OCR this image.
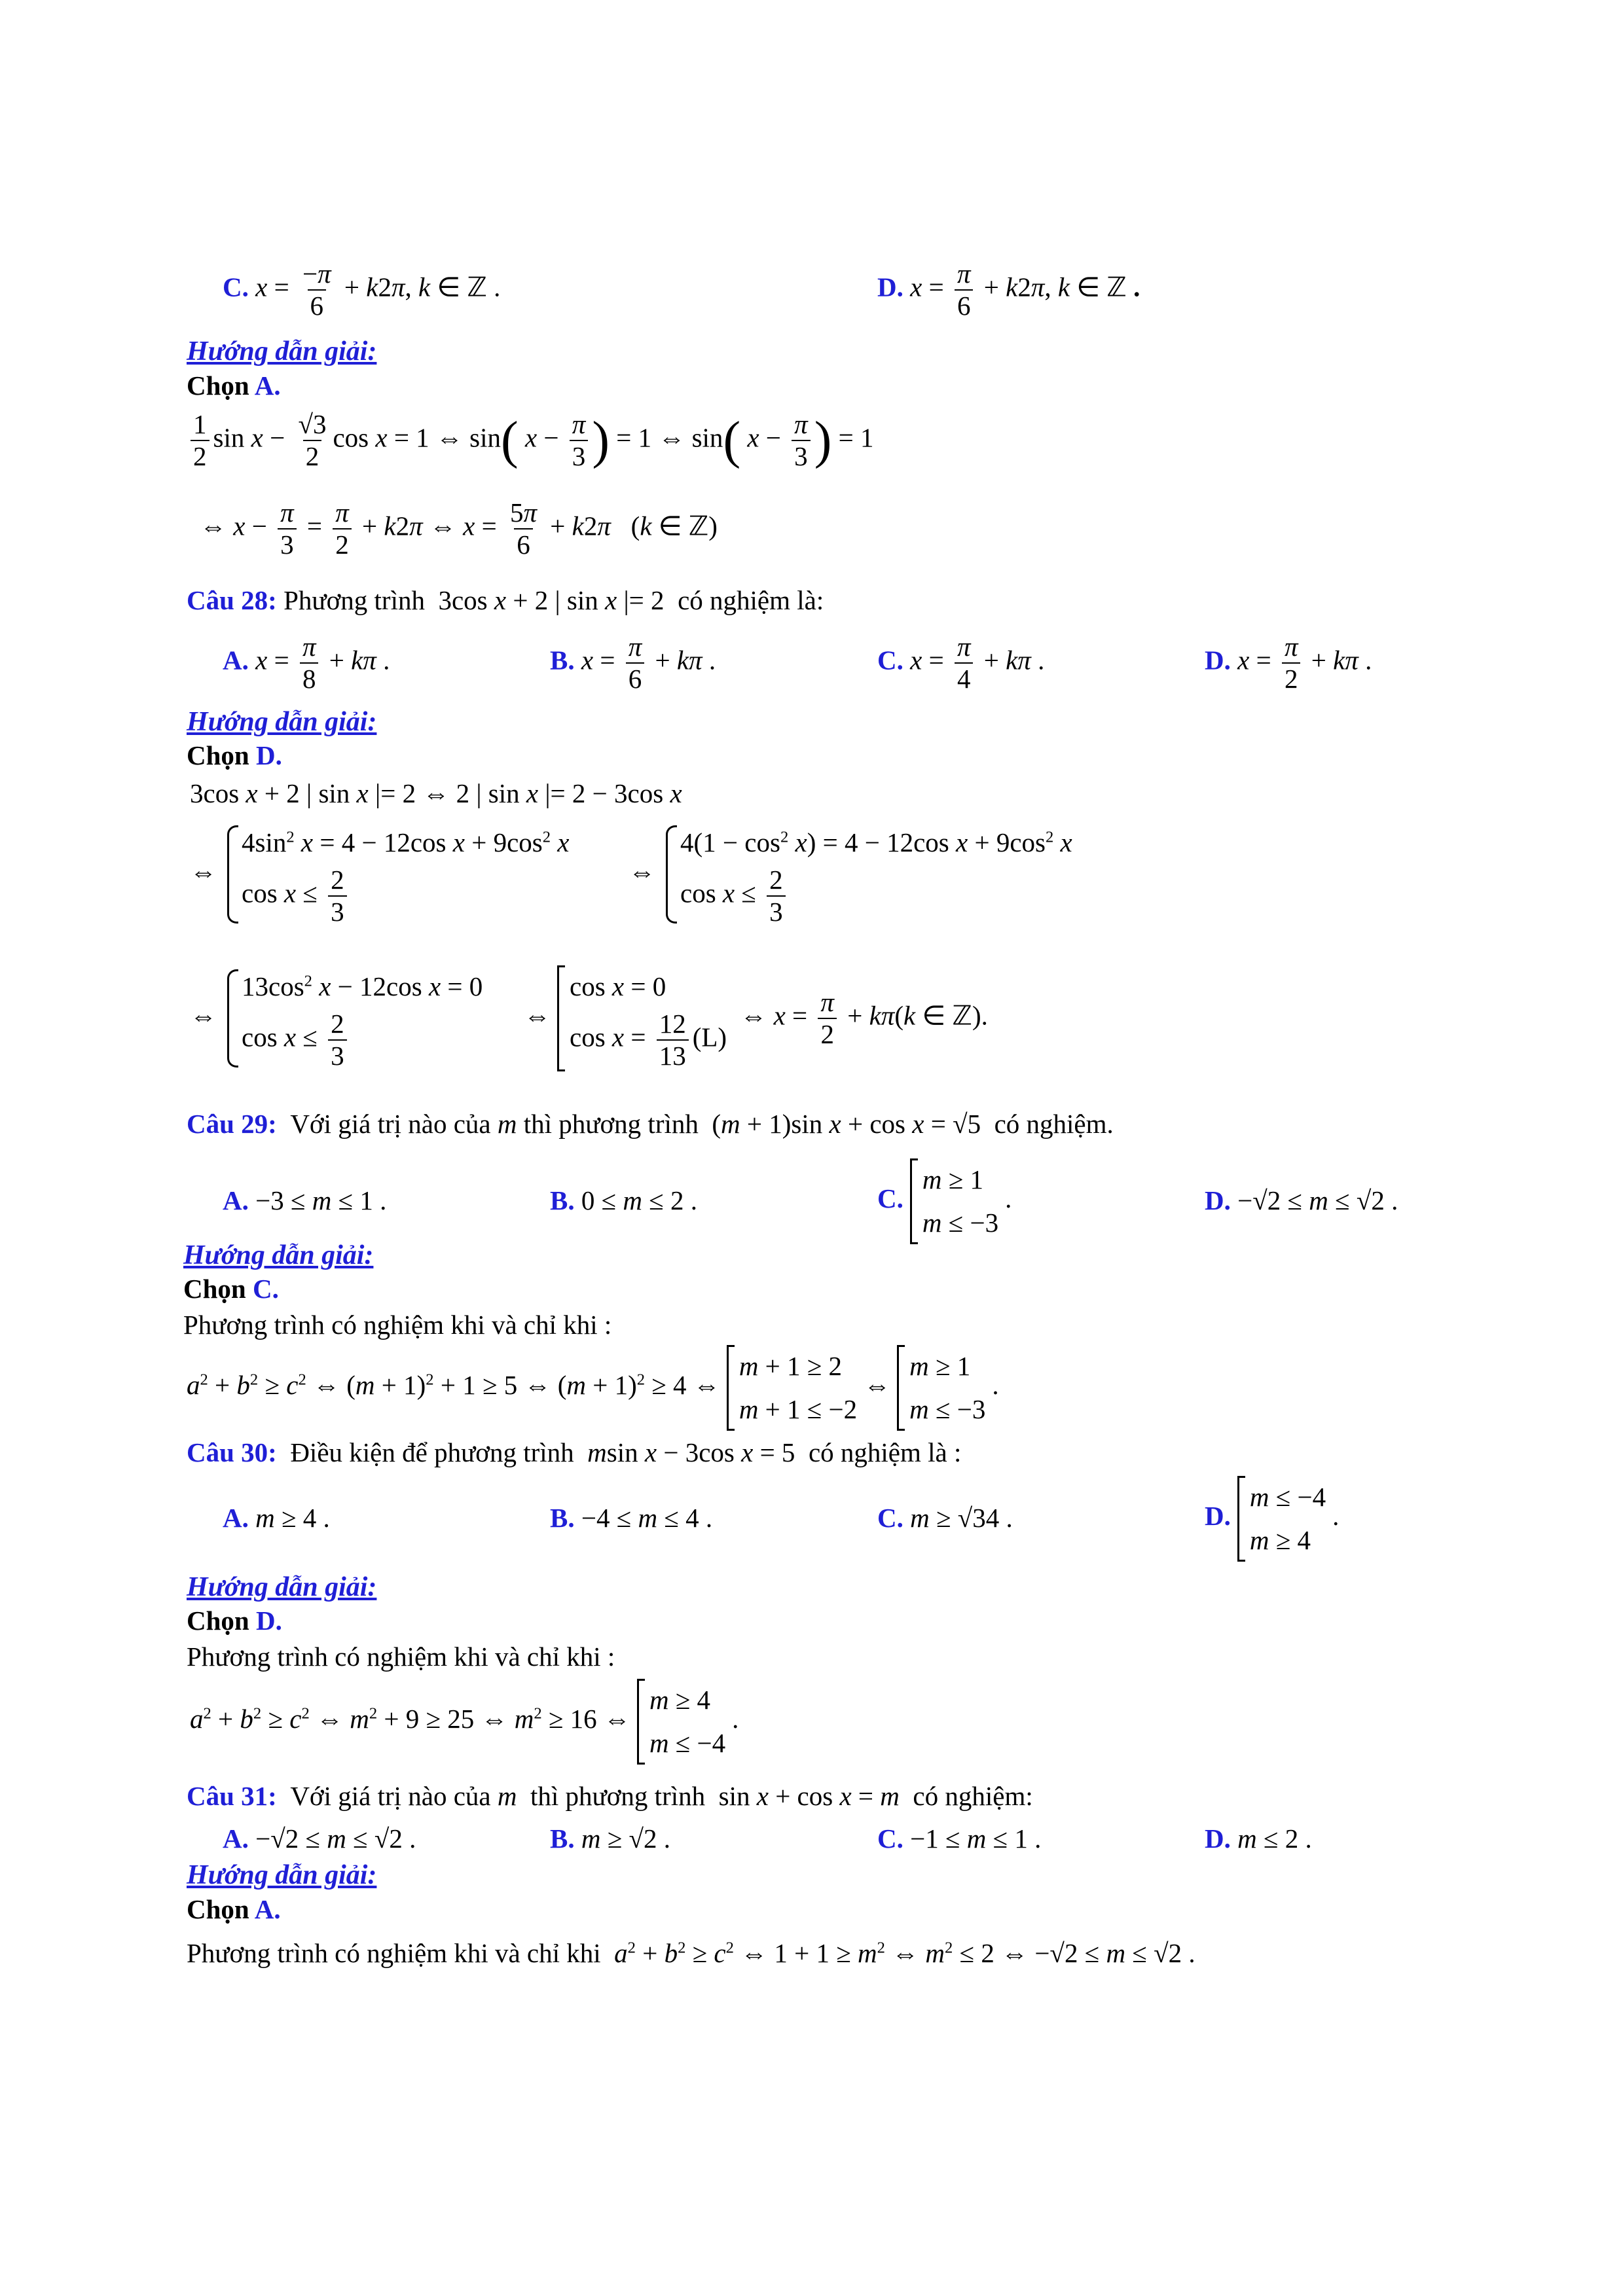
C. $x = \frac{-\pi}{6} + k2\pi$, k ∈ ℤ .	D. $x = \frac{\pi}{6} + k2\pi$, k ∈ ℤ .
Hướng dẫn giải:
Chọn A.
$\frac{1}{2}$ $\sin x - \frac{√3}{2}$ cos x = 1 ⇔ sin( $x - \frac{\pi}{3}$ ) = 1 ⇔ sin( $x - \frac{\pi}{3}$ ) = 1
⇔ $x - \frac{\pi}{3} = \frac{\pi}{2} + k2\pi$ ⇔ $x = \frac{5\pi}{6} + k2\pi$   (k ∈ ℤ)
Câu 28: Phương trình  3cos x + 2 | sin x |= 2  có nghiệm là:
A. $x = \frac{\pi}{8} + k\pi$ .	B. $x = \frac{\pi}{6} + k\pi$ .	C. $x = \frac{\pi}{4} + k\pi$ .	D. $x = \frac{\pi}{2} + k\pi$ .
Hướng dẫn giải:
Chọn D.
3cos x + 2 | sin x |= 2 ⇔ 2 | sin x |= 2 − 3cos x
⇔
$4\sin^2$ x = 4 − 12cos $x + 9\cos^2$ x
$\cos x \le \frac{2}{3}$	⇔
$4(1 - \cos^2 x) = 4 - 12\cos$ $x + 9\cos^2$ x
$\cos x \le \frac{2}{3}$
⇔
$13\cos^2$ x − 12cos x = 0
$\cos x \le \frac{2}{3}$	⇔
cos x = 0
$\cos x = \frac{12}{13} (L)$
⇔ $x = \frac{\pi}{2} + k\pi(k$ ∈ ℤ).
Câu 29: Với giá trị nào của m thì phương trình  (m + 1)sin x + cos x = √5  có nghiệm.
A. −3 ≤ m ≤ 1 .	B. 0 ≤ m ≤ 2 .	C.
m ≥ 1
m ≤ −3
.	D. −√2 ≤ m ≤ √2 .
Hướng dẫn giải:
Chọn C.
Phương trình có nghiệm khi và chỉ khi :
$a^2 + b^2 \ge c^2$ ⇔ $(m + 1)^2 + 1 \ge 5$ ⇔ $(m + 1)^2 \ge 4$ ⇔
m + 1 ≥ 2
m + 1 ≤ −2
⇔
m ≥ 1
m ≤ −3
.
Câu 30: Điều kiện để phương trình msin x − 3cos x = 5  có nghiệm là :
A. m ≥ 4 .	B. −4 ≤ m ≤ 4 .	C. m ≥ √34 .	D.
m ≤ −4
m ≥ 4
.
Hướng dẫn giải:
Chọn D.
Phương trình có nghiệm khi và chỉ khi :
$a^2 + b^2 \ge c^2$ ⇔ $m^2 + 9 \ge 25$ ⇔ $m^2 \ge 16$ ⇔
m ≥ 4
m ≤ −4
.
Câu 31: Với giá trị nào của m thì phương trình  sin x + cos x = m có nghiệm:
A. −√2 ≤ m ≤ √2 .	B. m ≥ √2 .	C. −1 ≤ m ≤ 1 .	D. m ≤ 2 .
Hướng dẫn giải:
Chọn A.
Phương trình có nghiệm khi và chỉ khi $a^2 + b^2 \ge c^2$ ⇔ $1 + 1 \ge m^2$ ⇔ $m^2 \le 2$ ⇔ −√2 ≤ m ≤ √2 .
